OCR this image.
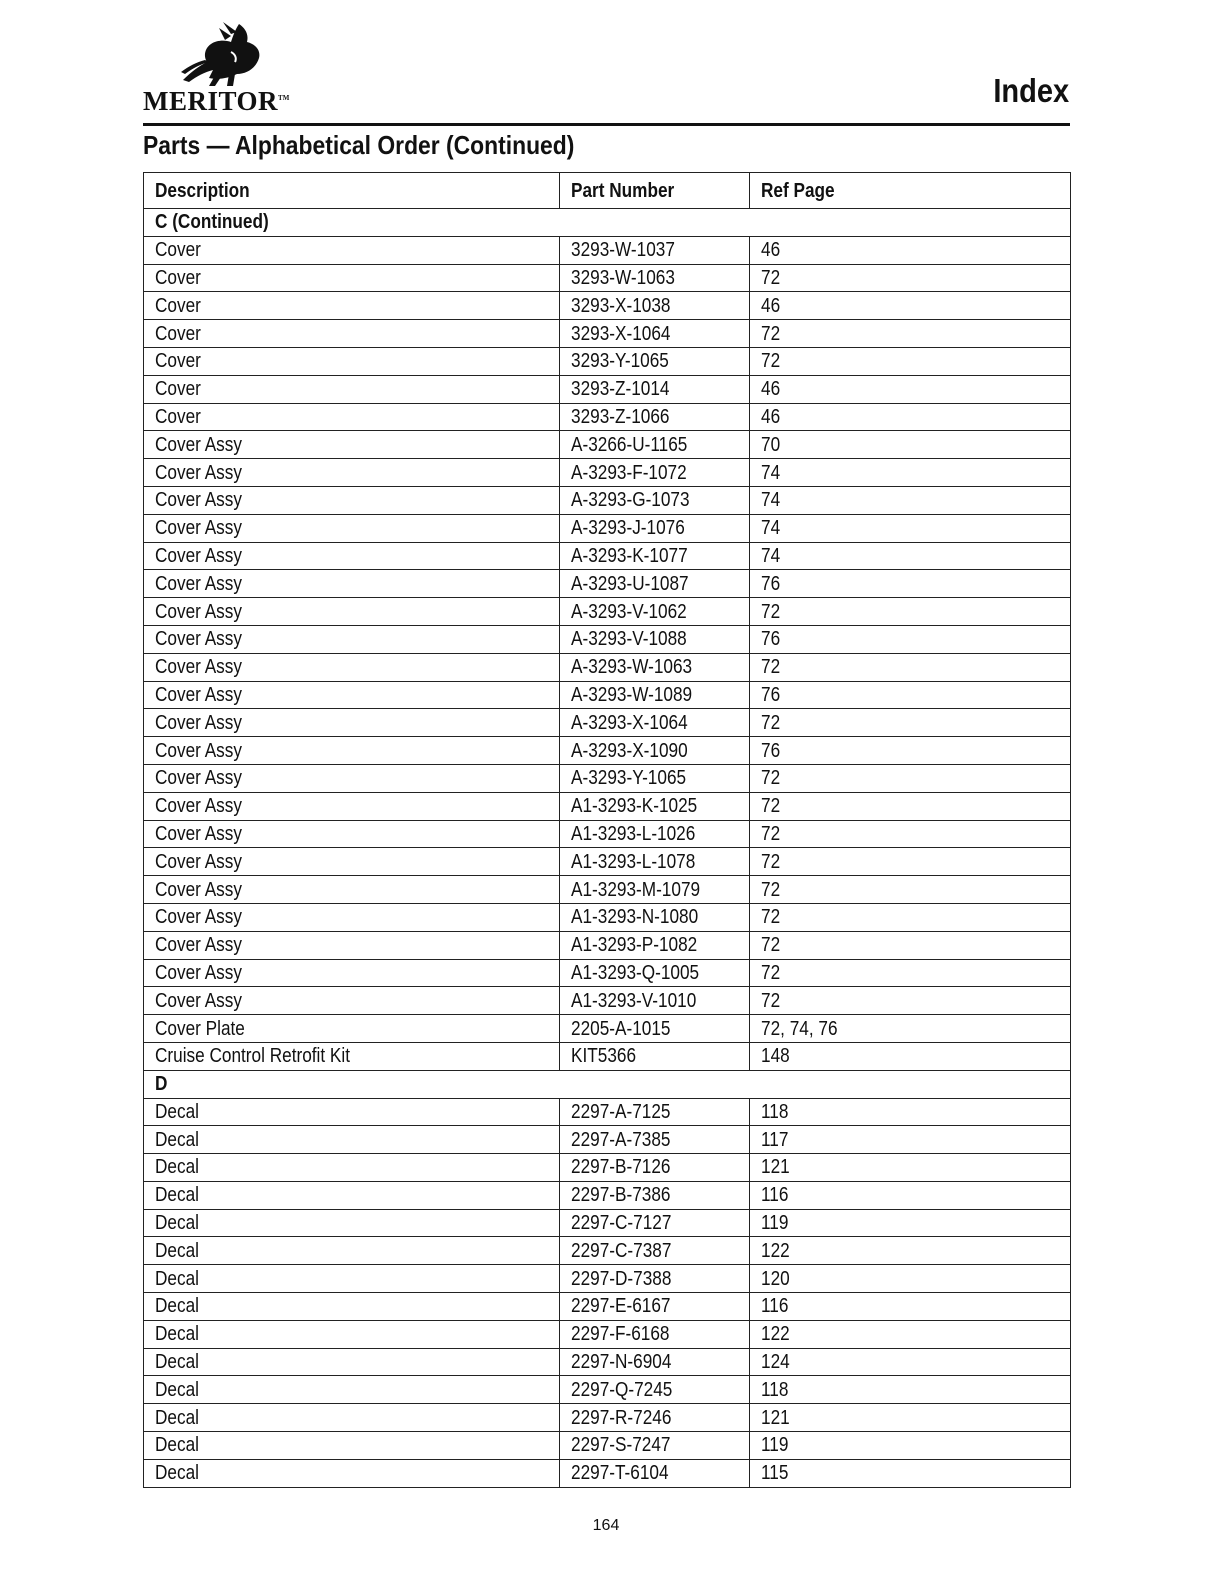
MERITOR™	Index
Parts — Alphabetical Order (Continued)
Description	Part Number	Ref Page
C (Continued)		
Cover	3293-W-1037	46
Cover	3293-W-1063	72
Cover	3293-X-1038	46
Cover	3293-X-1064	72
Cover	3293-Y-1065	72
Cover	3293-Z-1014	46
Cover	3293-Z-1066	46
Cover Assy	A-3266-U-1165	70
Cover Assy	A-3293-F-1072	74
Cover Assy	A-3293-G-1073	74
Cover Assy	A-3293-J-1076	74
Cover Assy	A-3293-K-1077	74
Cover Assy	A-3293-U-1087	76
Cover Assy	A-3293-V-1062	72
Cover Assy	A-3293-V-1088	76
Cover Assy	A-3293-W-1063	72
Cover Assy	A-3293-W-1089	76
Cover Assy	A-3293-X-1064	72
Cover Assy	A-3293-X-1090	76
Cover Assy	A-3293-Y-1065	72
Cover Assy	A1-3293-K-1025	72
Cover Assy	A1-3293-L-1026	72
Cover Assy	A1-3293-L-1078	72
Cover Assy	A1-3293-M-1079	72
Cover Assy	A1-3293-N-1080	72
Cover Assy	A1-3293-P-1082	72
Cover Assy	A1-3293-Q-1005	72
Cover Assy	A1-3293-V-1010	72
Cover Plate	2205-A-1015	72, 74, 76
Cruise Control Retrofit Kit	KIT5366	148
D		
Decal	2297-A-7125	118
Decal	2297-A-7385	117
Decal	2297-B-7126	121
Decal	2297-B-7386	116
Decal	2297-C-7127	119
Decal	2297-C-7387	122
Decal	2297-D-7388	120
Decal	2297-E-6167	116
Decal	2297-F-6168	122
Decal	2297-N-6904	124
Decal	2297-Q-7245	118
Decal	2297-R-7246	121
Decal	2297-S-7247	119
Decal	2297-T-6104	115
164
